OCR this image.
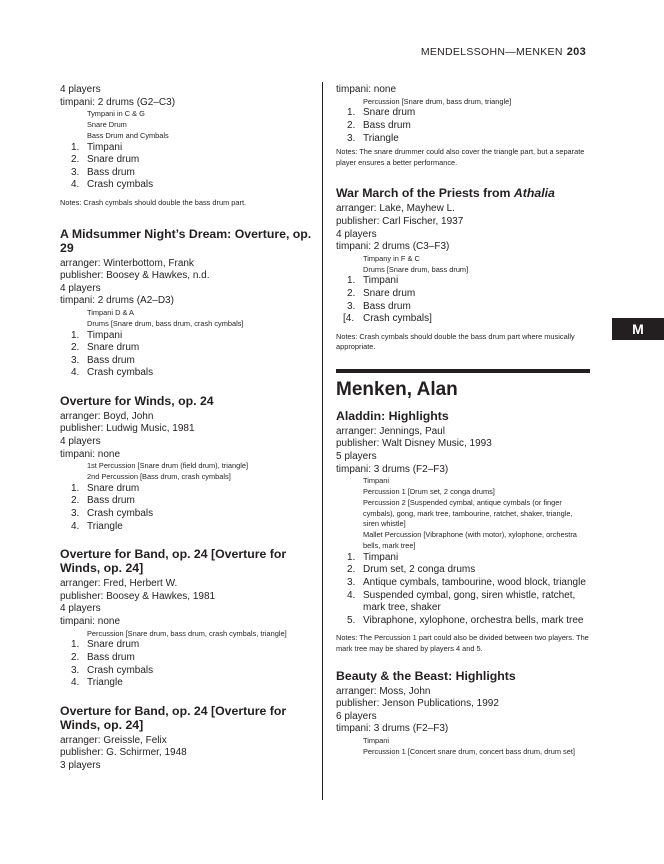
MENDELSSOHN—MENKEN 203
M

4 players

timpani: 2 drums (G2–C3)

Tympani in C & G

Snare Drum

Bass Drum and Cymbals

1. Timpani
2. Snare drum
3. Bass drum
4. Crash cymbals

Notes: Crash cymbals should double the bass drum part.

A Midsummer Night’s Dream: Overture, op. 29

arranger: Winterbottom, Frank

publisher: Boosey & Hawkes, n.d.

4 players

timpani: 2 drums (A2–D3)

Timpani D & A

Drums [Snare drum, bass drum, crash cymbals]

1. Timpani
2. Snare drum
3. Bass drum
4. Crash cymbals
Overture for Winds, op. 24

arranger: Boyd, John

publisher: Ludwig Music, 1981

4 players

timpani: none

1st Percussion [Snare drum (field drum), triangle]

2nd Percussion [Bass drum, crash cymbals]

1. Snare drum
2. Bass drum
3. Crash cymbals
4. Triangle
Overture for Band, op. 24 [Overture for Winds, op. 24]

arranger: Fred, Herbert W.

publisher: Boosey & Hawkes, 1981

4 players

timpani: none

Percussion [Snare drum, bass drum, crash cymbals, triangle]

1. Snare drum
2. Bass drum
3. Crash cymbals
4. Triangle
Overture for Band, op. 24 [Overture for Winds, op. 24]

arranger: Greissle, Felix

publisher: G. Schirmer, 1948

3 players

timpani: none

Percussion [Snare drum, bass drum, triangle]

1. Snare drum
2. Bass drum
3. Triangle

Notes: The snare drummer could also cover the triangle part, but a separate player ensures a better performance.

War March of the Priests from Athalia

arranger: Lake, Mayhew L.

publisher: Carl Fischer, 1937

4 players

timpani: 2 drums (C3–F3)

Timpany in F & C

Drums [Snare drum, bass drum]

1. Timpani
2. Snare drum
3. Bass drum
[4. Crash cymbals]

Notes: Crash cymbals should double the bass drum part where musically appropriate.

Menken, Alan
Aladdin: Highlights

arranger: Jennings, Paul

publisher: Walt Disney Music, 1993

5 players

timpani: 3 drums (F2–F3)

Timpani

Percussion 1 [Drum set, 2 conga drums]

Percussion 2 [Suspended cymbal, antique cymbals (or finger cymbals), gong, mark tree, tambourine, ratchet, shaker, triangle, siren whistle]

Mallet Percussion [Vibraphone (with motor), xylophone, orchestra bells, mark tree]

1. Timpani
2. Drum set, 2 conga drums
3. Antique cymbals, tambourine, wood block, triangle
4. Suspended cymbal, gong, siren whistle, ratchet, mark tree, shaker
5. Vibraphone, xylophone, orchestra bells, mark tree

Notes: The Percussion 1 part could also be divided between two players. The mark tree may be shared by players 4 and 5.

Beauty & the Beast: Highlights

arranger: Moss, John

publisher: Jenson Publications, 1992

6 players

timpani: 3 drums (F2–F3)

Timpani

Percussion 1 [Concert snare drum, concert bass drum, drum set]
